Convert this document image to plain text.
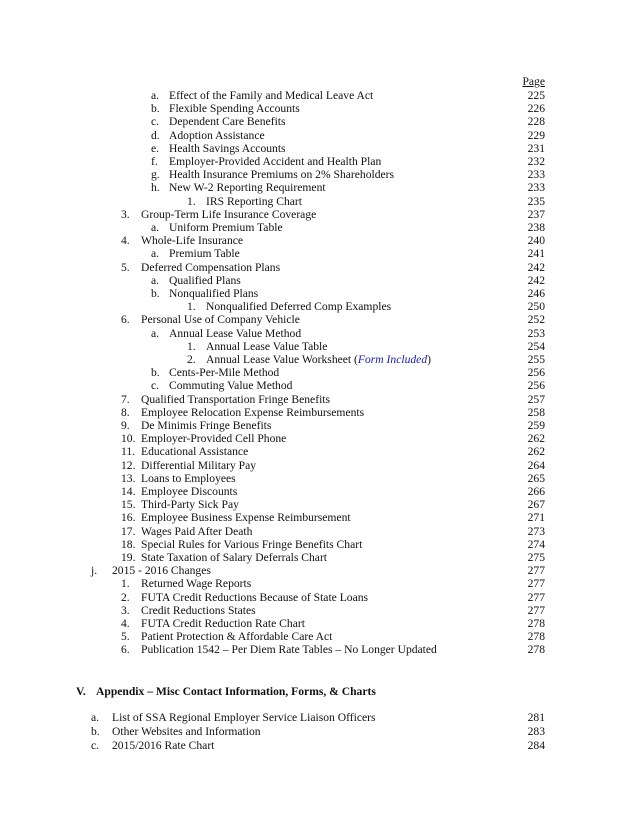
Page
a. Effect of the Family and Medical Leave Act	225
b. Flexible Spending Accounts	226
c. Dependent Care Benefits	228
d. Adoption Assistance	229
e. Health Savings Accounts	231
f. Employer-Provided Accident and Health Plan	232
g. Health Insurance Premiums on 2% Shareholders	233
h. New W-2 Reporting Requirement	233
1. IRS Reporting Chart	235
3. Group-Term Life Insurance Coverage	237
a. Uniform Premium Table	238
4. Whole-Life Insurance	240
a. Premium Table	241
5. Deferred Compensation Plans	242
a. Qualified Plans	242
b. Nonqualified Plans	246
1. Nonqualified Deferred Comp Examples	250
6. Personal Use of Company Vehicle	252
a. Annual Lease Value Method	253
1. Annual Lease Value Table	254
2. Annual Lease Value Worksheet (Form Included)	255
b. Cents-Per-Mile Method	256
c. Commuting Value Method	256
7. Qualified Transportation Fringe Benefits	257
8. Employee Relocation Expense Reimbursements	258
9. De Minimis Fringe Benefits	259
10. Employer-Provided Cell Phone	262
11. Educational Assistance	262
12. Differential Military Pay	264
13. Loans to Employees	265
14. Employee Discounts	266
15. Third-Party Sick Pay	267
16. Employee Business Expense Reimbursement	271
17. Wages Paid After Death	273
18. Special Rules for Various Fringe Benefits Chart	274
19. State Taxation of Salary Deferrals Chart	275
j. 2015 - 2016 Changes	277
1. Returned Wage Reports	277
2. FUTA Credit Reductions Because of State Loans	277
3. Credit Reductions States	277
4. FUTA Credit Reduction Rate Chart	278
5. Patient Protection & Affordable Care Act	278
6. Publication 1542 – Per Diem Rate Tables – No Longer Updated	278
V. Appendix – Misc Contact Information, Forms, & Charts
a. List of SSA Regional Employer Service Liaison Officers	281
b. Other Websites and Information	283
c. 2015/2016 Rate Chart	284
